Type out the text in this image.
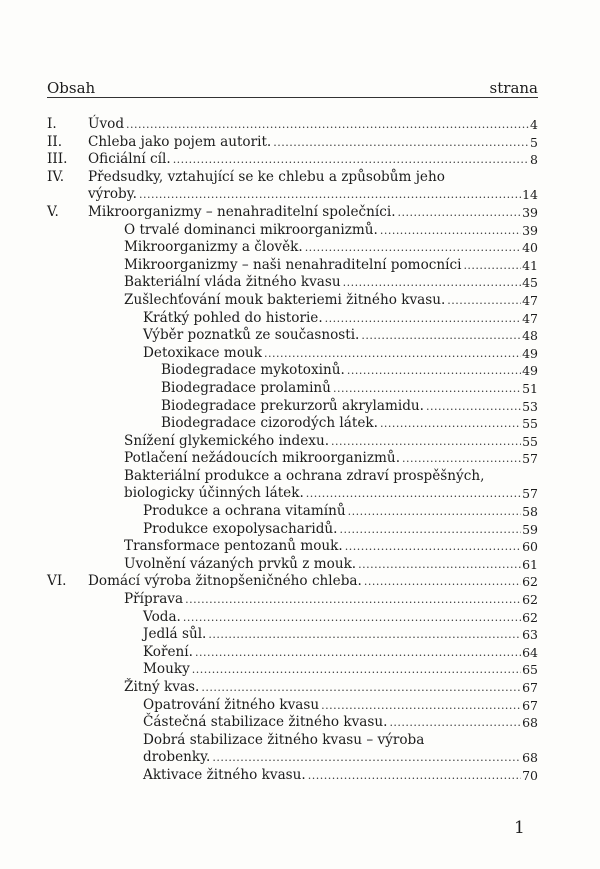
Obsah	strana
I. Úvod .....	4
II. Chleba jako pojem autorit. .....	5
III. Oficiální cíl. .....	8
IV. Předsudky, vztahující se ke chlebu a způsobům jeho
výroby. .....	14
V. Mikroorganizmy – nenahraditelní společníci. .....	39
O trvalé dominanci mikroorganizmů. .....	39
Mikroorganizmy a člověk. .....	40
Mikroorganizmy – naši nenahraditelní pomocníci .....	41
Bakteriální vláda žitného kvasu .....	45
Zušlechťování mouk bakteriemi žitného kvasu. .....	47
Krátký pohled do historie. .....	47
Výběr poznatků ze současnosti. .....	48
Detoxikace mouk .....	49
Biodegradace mykotoxinů. .....	49
Biodegradace prolaminů .....	51
Biodegradace prekurzorů akrylamidu. .....	53
Biodegradace cizorodých látek. .....	55
Snížení glykemického indexu. .....	55
Potlačení nežádoucích mikroorganizmů. .....	57
Bakteriální produkce a ochrana zdraví prospěšných,
biologicky účinných látek. .....	57
Produkce a ochrana vitamínů .....	58
Produkce exopolysacharidů. .....	59
Transformace pentozanů mouk. .....	60
Uvolnění vázaných prvků z mouk. .....	61
VI. Domácí výroba žitnopšeničného chleba. .....	62
Příprava .....	62
Voda. .....	62
Jedlá sůl. .....	63
Koření. .....	64
Mouky .....	65
Žitný kvas. .....	67
Opatrování žitného kvasu .....	67
Částečná stabilizace žitného kvasu. .....	68
Dobrá stabilizace žitného kvasu – výroba
drobenky. .....	68
Aktivace žitného kvasu. .....	70
1
